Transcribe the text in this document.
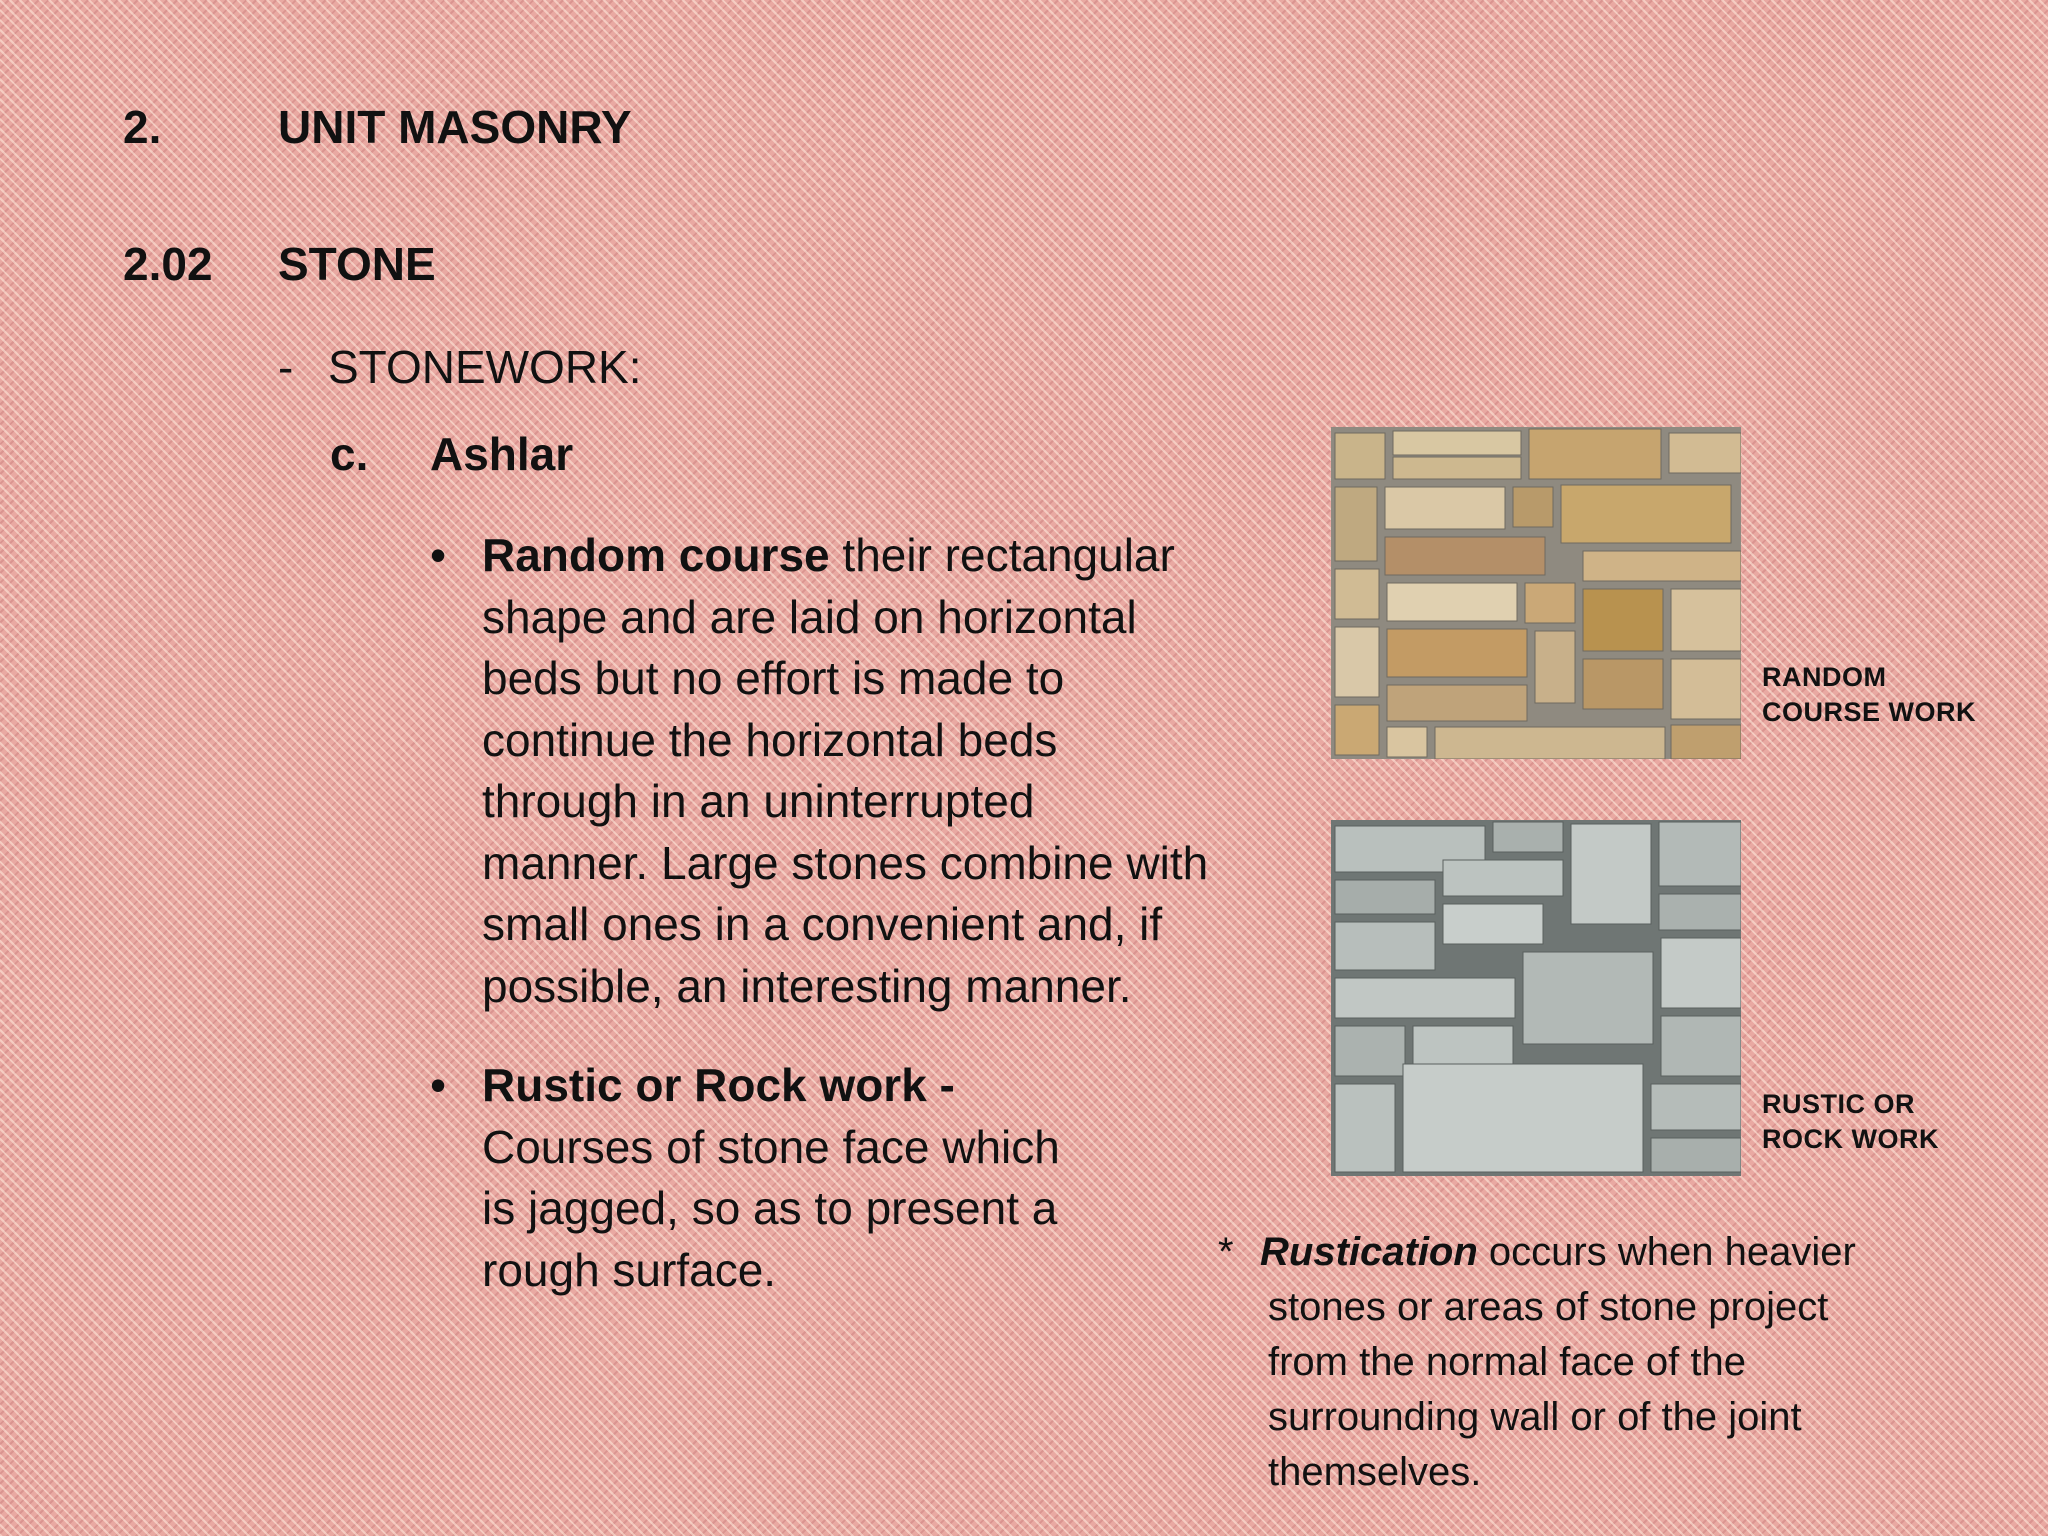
2.	UNIT MASONRY
2.02 STONE
- STONEWORK:
c. Ashlar
• Random course their rectangular
shape and are laid on horizontal
beds but no effort is made to
continue the horizontal beds
through in an uninterrupted
manner. Large stones combine with
small ones in a convenient and, if
possible, an interesting manner.
• Rustic or Rock work -
Courses of stone face which
is jagged, so as to present a
rough surface.
RANDOM
COURSE WORK
RUSTIC OR
ROCK WORK
* Rustication occurs when heavier
stones or areas of stone project
from the normal face of the
surrounding wall or of the joint
themselves.
